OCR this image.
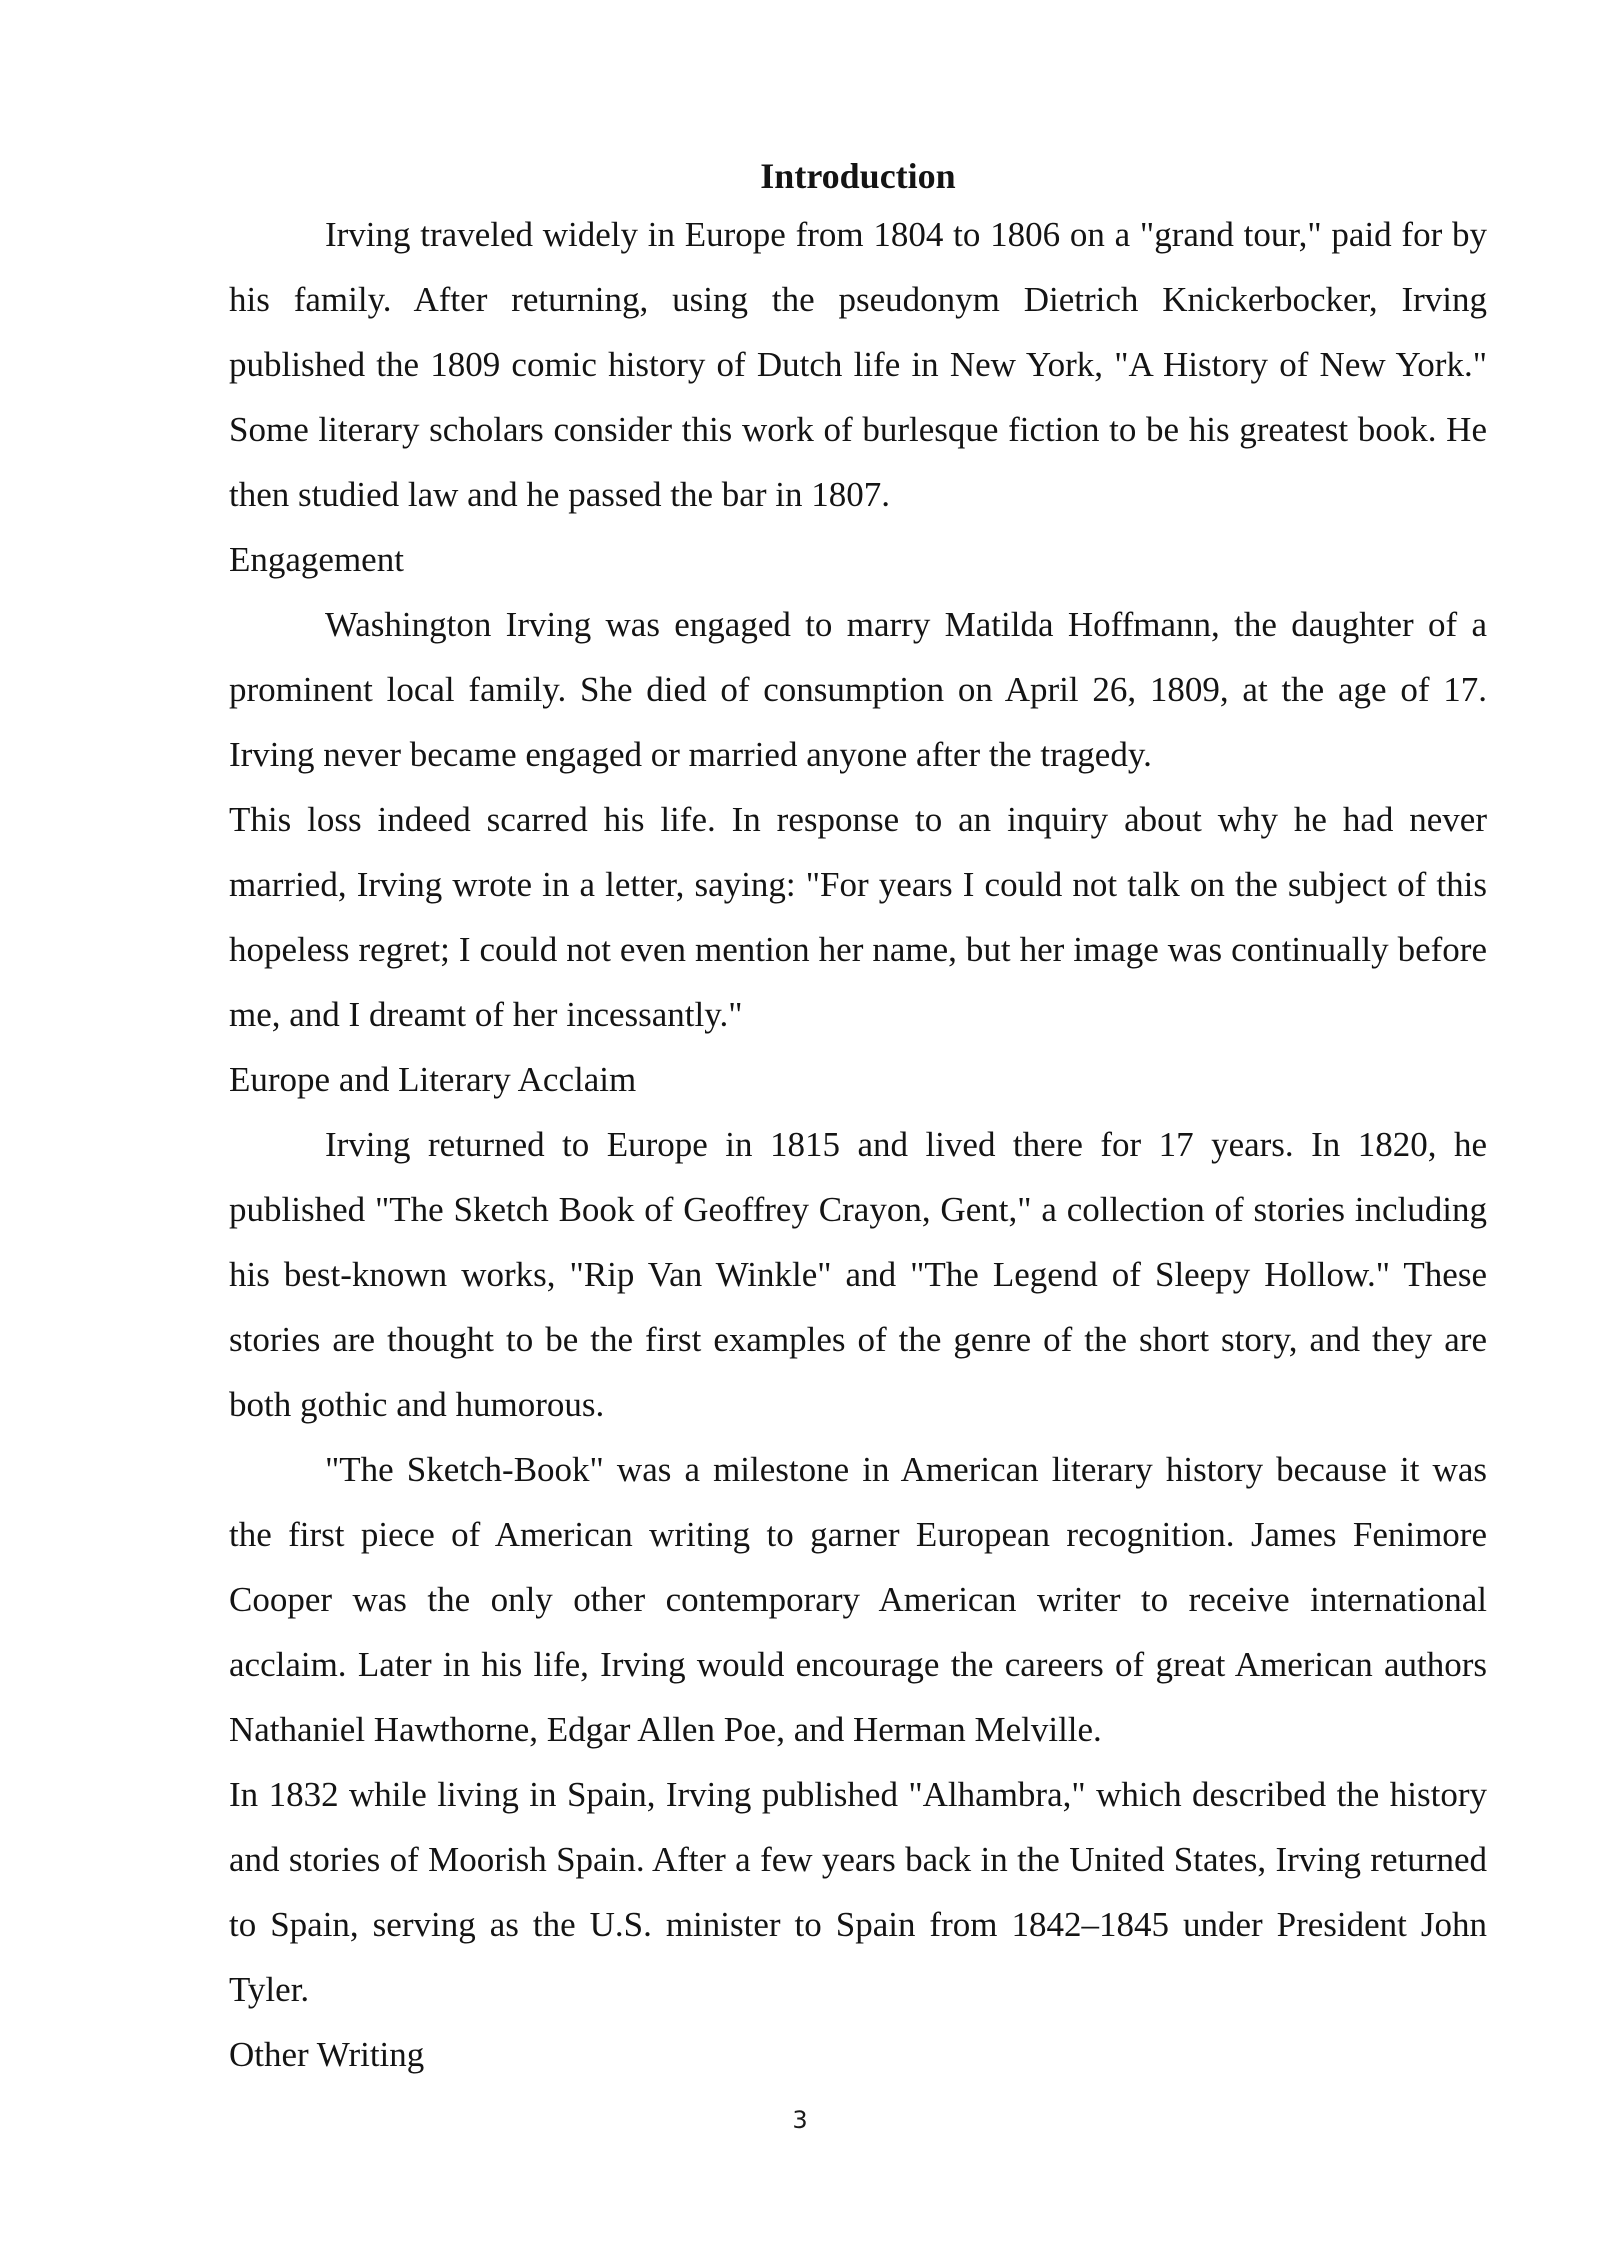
Introduction

Irving traveled widely in Europe from 1804 to 1806 on a "grand tour," paid for by his family. After returning, using the pseudonym Dietrich Knickerbocker, Irving published the 1809 comic history of Dutch life in New York, "A History of New York." Some literary scholars consider this work of burlesque fiction to be his greatest book. He then studied law and he passed the bar in 1807.

Engagement

Washington Irving was engaged to marry Matilda Hoffmann, the daughter of a prominent local family. She died of consumption on April 26, 1809, at the age of 17. Irving never became engaged or married anyone after the tragedy.

This loss indeed scarred his life. In response to an inquiry about why he had never married, Irving wrote in a letter, saying: "For years I could not talk on the subject of this hopeless regret; I could not even mention her name, but her image was continually before me, and I dreamt of her incessantly."

Europe and Literary Acclaim

Irving returned to Europe in 1815 and lived there for 17 years. In 1820, he published "The Sketch Book of Geoffrey Crayon, Gent," a collection of stories including his best-known works, "Rip Van Winkle" and "The Legend of Sleepy Hollow." These stories are thought to be the first examples of the genre of the short story, and they are both gothic and humorous.

"The Sketch-Book" was a milestone in American literary history because it was the first piece of American writing to garner European recognition. James Fenimore Cooper was the only other contemporary American writer to receive international acclaim. Later in his life, Irving would encourage the careers of great American authors Nathaniel Hawthorne, Edgar Allen Poe, and Herman Melville.

In 1832 while living in Spain, Irving published "Alhambra," which described the history and stories of Moorish Spain. After a few years back in the United States, Irving returned to Spain, serving as the U.S. minister to Spain from 1842–1845 under President John Tyler.

Other Writing

3
